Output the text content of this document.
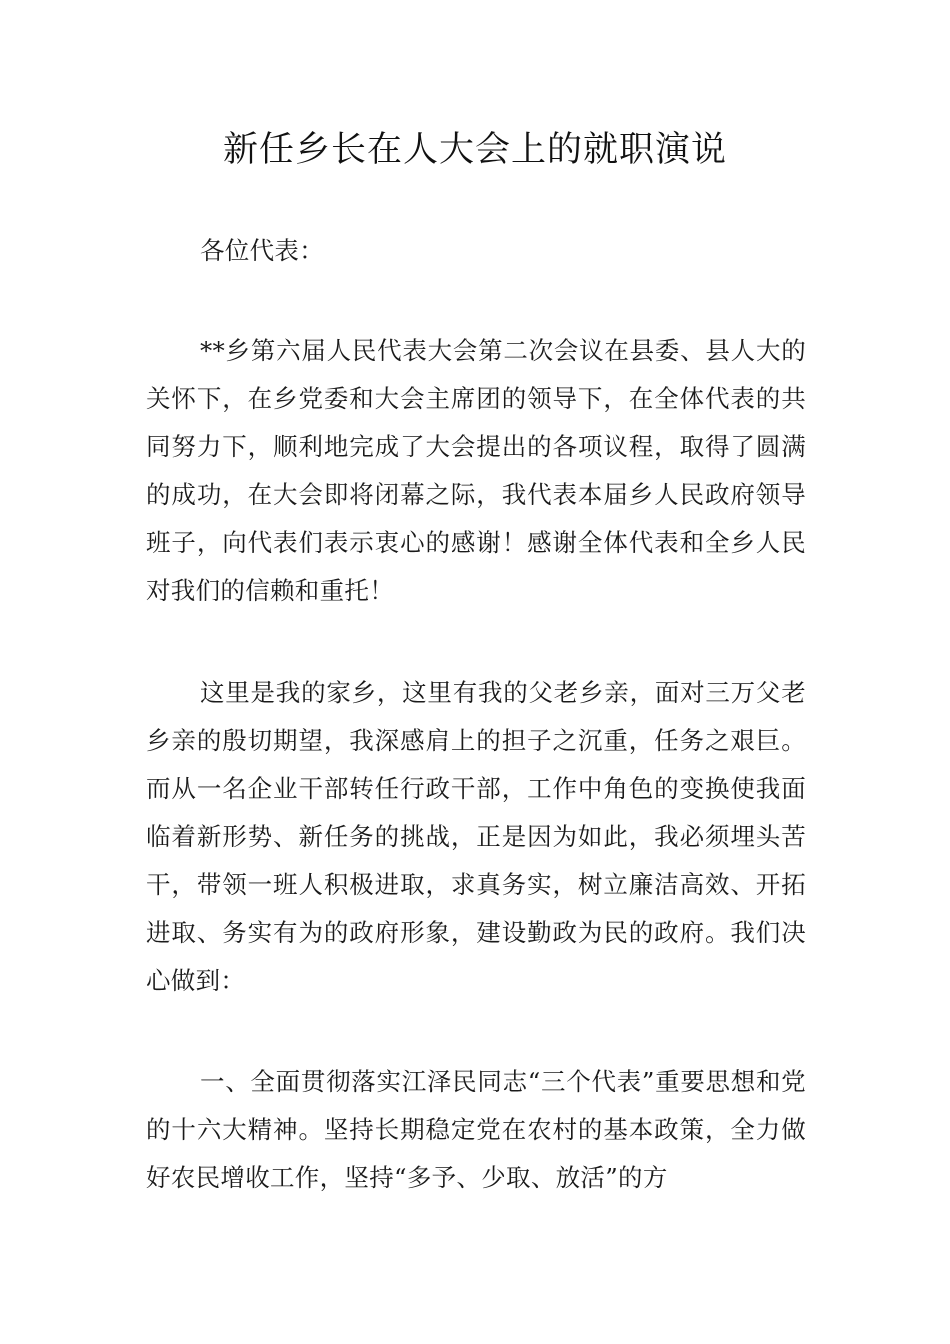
新任乡长在人大会上的就职演说

各位代表：

**乡第六届人民代表大会第二次会议在县委、县人大的关怀下，在乡党委和大会主席团的领导下，在全体代表的共同努力下，顺利地完成了大会提出的各项议程，取得了圆满的成功，在大会即将闭幕之际，我代表本届乡人民政府领导班子，向代表们表示衷心的感谢！感谢全体代表和全乡人民对我们的信赖和重托！

这里是我的家乡，这里有我的父老乡亲，面对三万父老乡亲的殷切期望，我深感肩上的担子之沉重，任务之艰巨。而从一名企业干部转任行政干部，工作中角色的变换使我面临着新形势、新任务的挑战，正是因为如此，我必须埋头苦干，带领一班人积极进取，求真务实，树立廉洁高效、开拓进取、务实有为的政府形象，建设勤政为民的政府。我们决心做到：

一、全面贯彻落实江泽民同志“三个代表”重要思想和党的十六大精神。坚持长期稳定党在农村的基本政策，全力做好农民增收工作，坚持“多予、少取、放活”的方
